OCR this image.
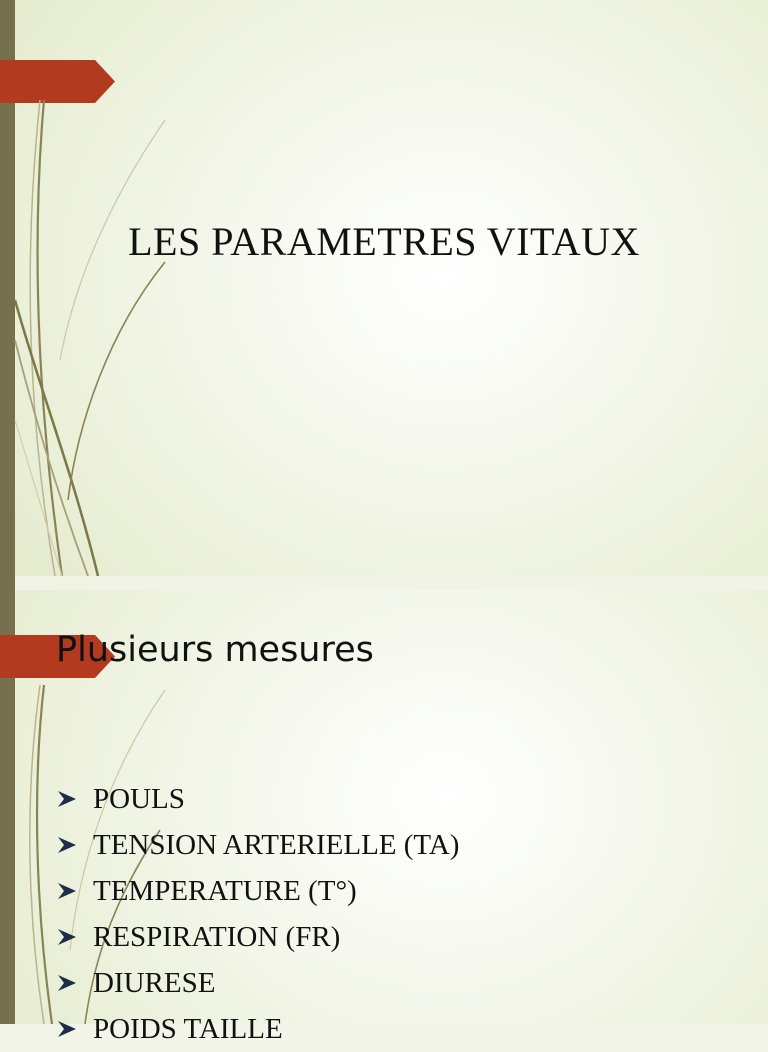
LES PARAMETRES VITAUX
Plusieurs mesures
POULS
TENSION ARTERIELLE (TA)
TEMPERATURE (T°)
RESPIRATION (FR)
DIURESE
POIDS TAILLE
